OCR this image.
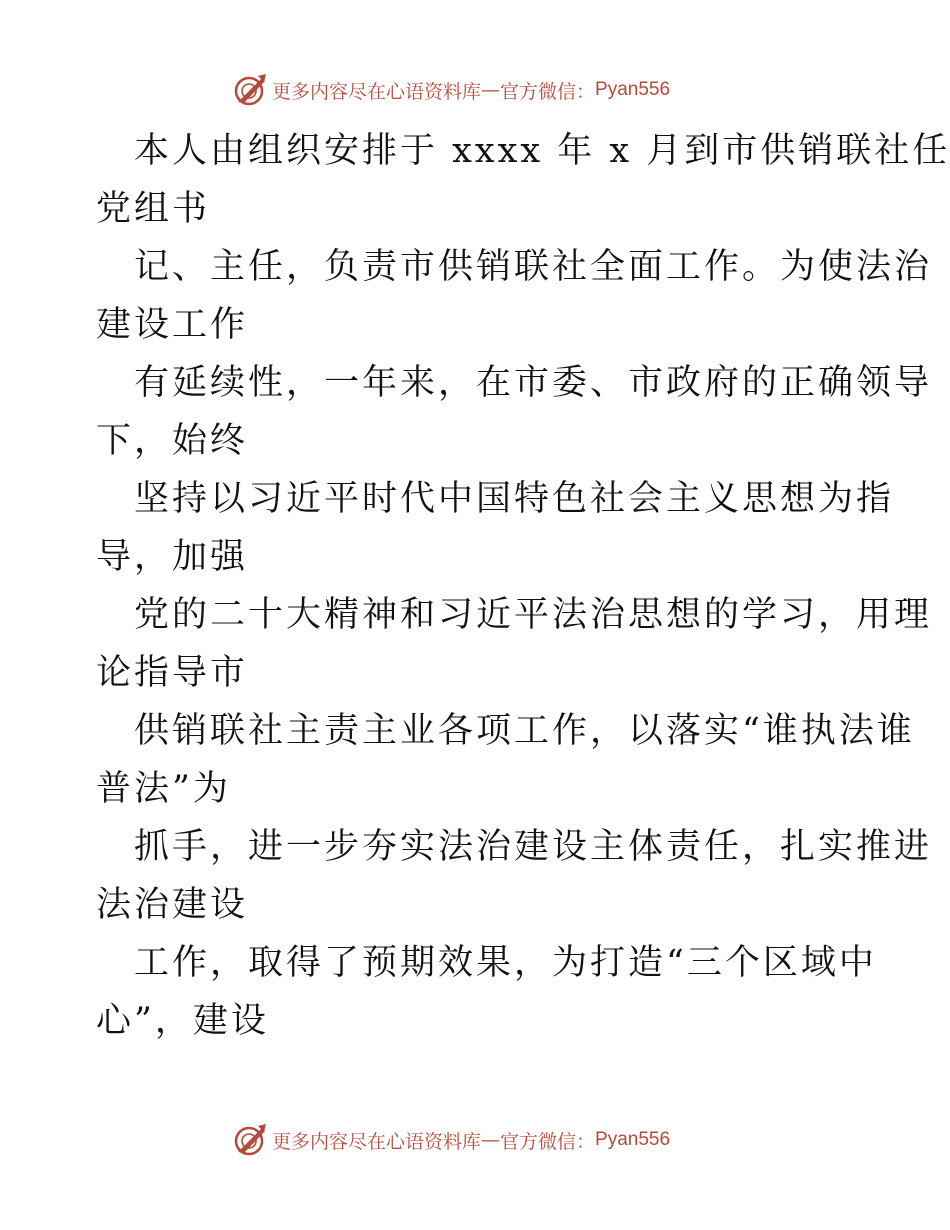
更多内容尽在心语资料库 — 官方微信： Pyan556
本人由组织安排于 xxxx 年 x 月到市供销联社任
党组书
记、主任，负责市供销联社全面工作。为使法治
建设工作
有延续性，一年来，在市委、市政府的正确领导
下，始终
坚持以习近平时代中国特色社会主义思想为指
导，加强
党的二十大精神和习近平法治思想的学习，用理
论指导市
供销联社主责主业各项工作，以落实“谁执法谁
普法”为
抓手，进一步夯实法治建设主体责任，扎实推进
法治建设
工作，取得了预期效果，为打造“三个区域中
心”，建设
更多内容尽在心语资料库 — 官方微信： Pyan556
